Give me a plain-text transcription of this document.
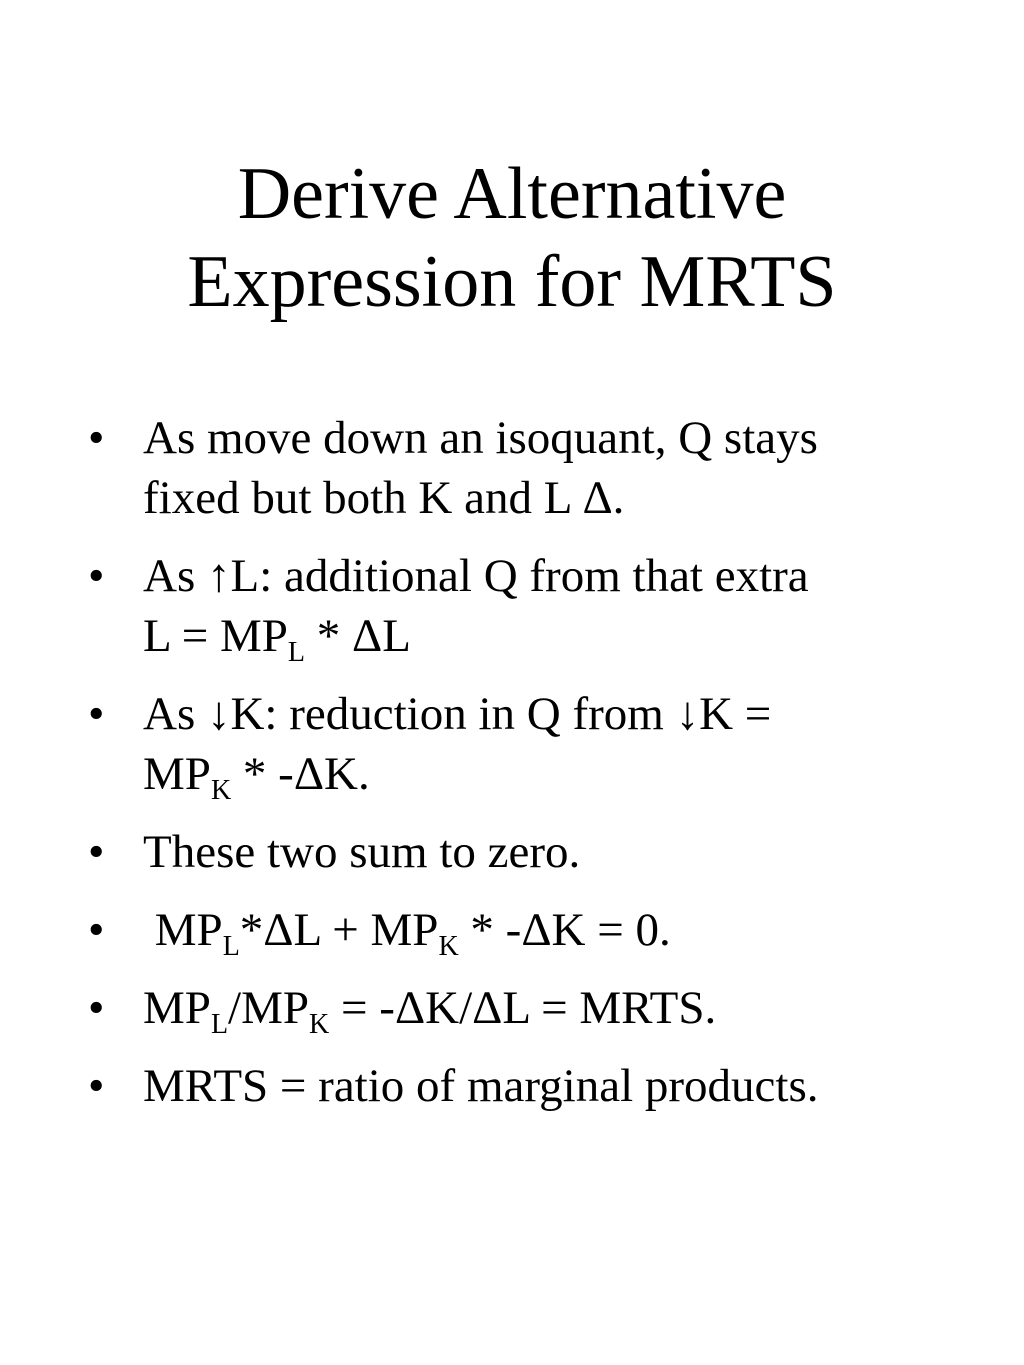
Derive Alternative
Expression for MRTS
• As move down an isoquant, Q stays
fixed but both K and L Δ.
• As ↑L: additional Q from that extra
$L = MP_L * \Delta L$
• As ↓K: reduction in Q from ↓K =
$MP_K * -\Delta K$.
• These two sum to zero.
• $MP_L*\Delta L + MP_K * -\Delta K = 0$.
• $MP_L/MP_K = -\Delta K/\Delta L$ = MRTS.
• MRTS = ratio of marginal products.
